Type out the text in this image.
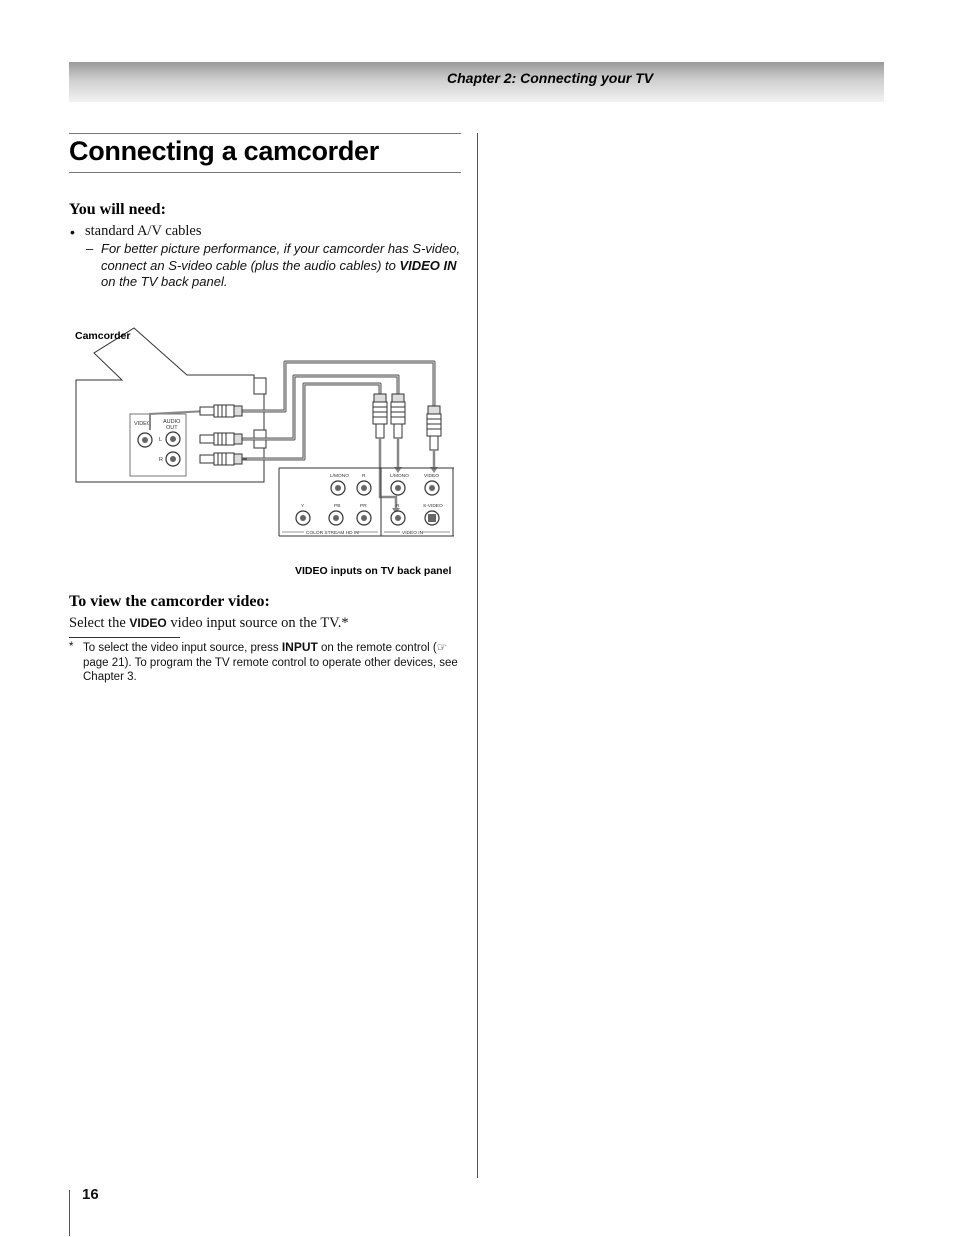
Chapter 2: Connecting your TV
Connecting a camcorder
You will need:
• standard A/V cables
– For better picture performance, if your camcorder has S-video, connect an S-video cable (plus the audio cables) to VIDEO IN on the TV back panel.
VIDEO AUDIO
OUT
L
R
L/MONO	R	L/MONO	VIDEO
Y	PB	PR	R	S-VIDEO
COLOR STREAM HD IN	VIDEO IN
Camcorder
VIDEO inputs on TV back panel
To view the camcorder video:
Select the VIDEO video input source on the TV.*
* To select the video input source, press INPUT on the remote control (☞ page 21). To program the TV remote control to operate other devices, see Chapter 3.
16
